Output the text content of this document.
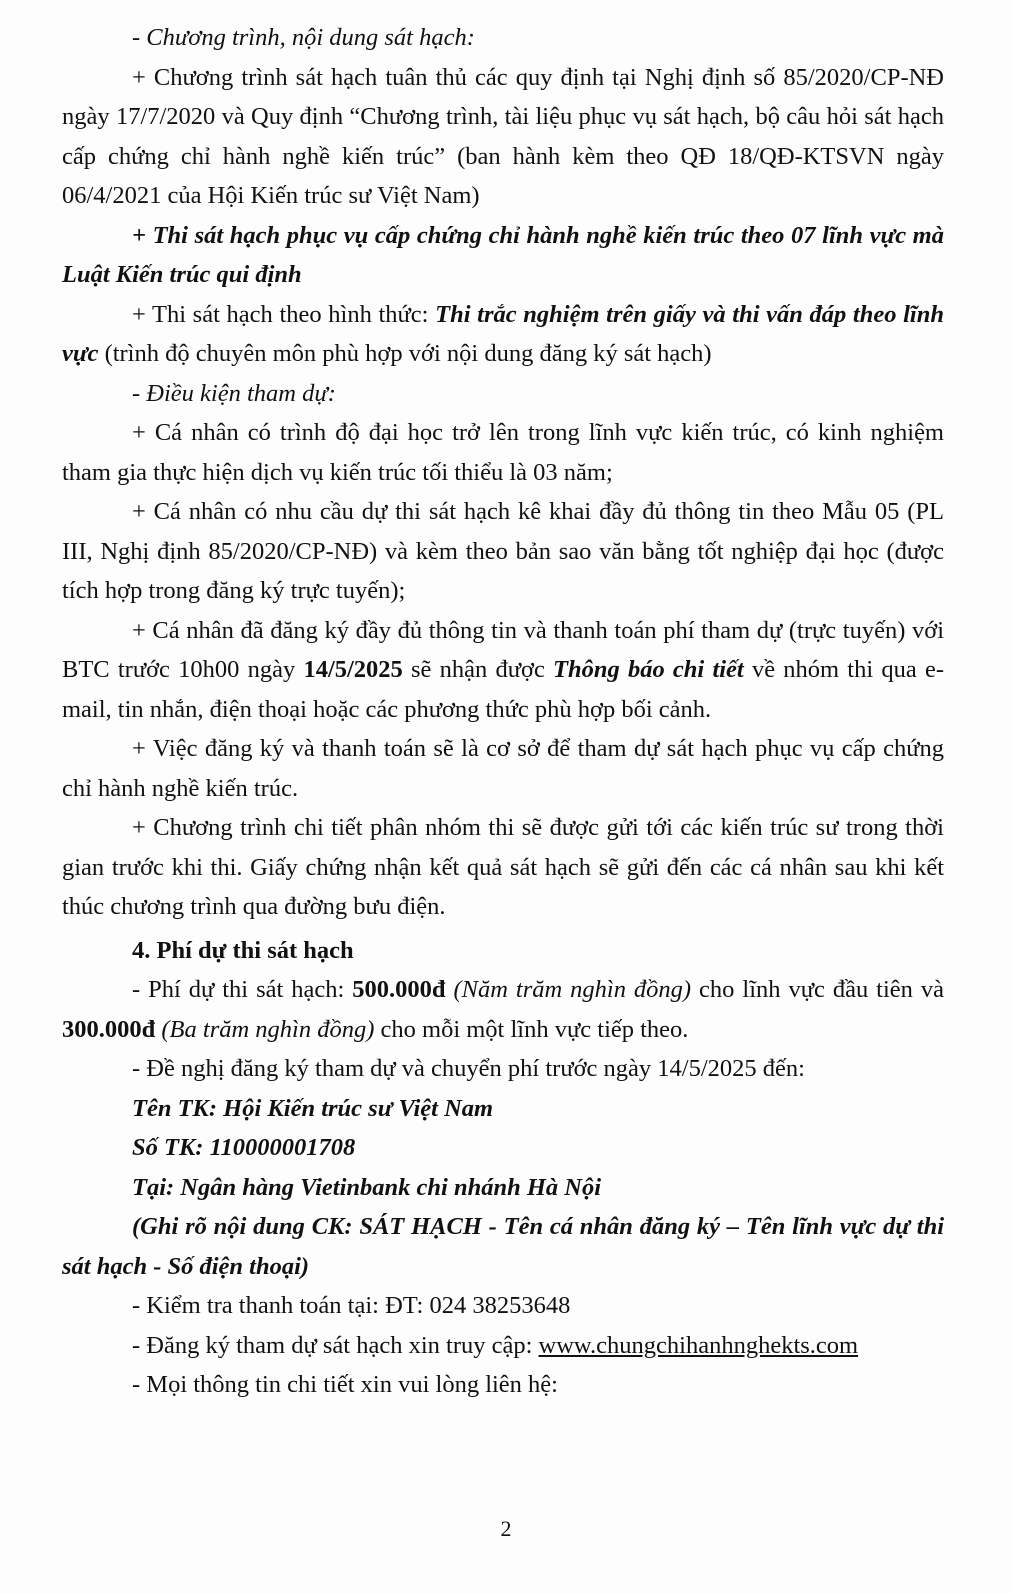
- Chương trình, nội dung sát hạch:

+ Chương trình sát hạch tuân thủ các quy định tại Nghị định số 85/2020/CP-NĐ ngày 17/7/2020 và Quy định “Chương trình, tài liệu phục vụ sát hạch, bộ câu hỏi sát hạch cấp chứng chỉ hành nghề kiến trúc” (ban hành kèm theo QĐ 18/QĐ-KTSVN ngày 06/4/2021 của Hội Kiến trúc sư Việt Nam)

+ Thi sát hạch phục vụ cấp chứng chỉ hành nghề kiến trúc theo 07 lĩnh vực mà Luật Kiến trúc qui định

+ Thi sát hạch theo hình thức: Thi trắc nghiệm trên giấy và thi vấn đáp theo lĩnh vực (trình độ chuyên môn phù hợp với nội dung đăng ký sát hạch)

- Điều kiện tham dự:

+ Cá nhân có trình độ đại học trở lên trong lĩnh vực kiến trúc, có kinh nghiệm tham gia thực hiện dịch vụ kiến trúc tối thiểu là 03 năm;

+ Cá nhân có nhu cầu dự thi sát hạch kê khai đầy đủ thông tin theo Mẫu 05 (PL III, Nghị định 85/2020/CP-NĐ) và kèm theo bản sao văn bằng tốt nghiệp đại học (được tích hợp trong đăng ký trực tuyến);

+ Cá nhân đã đăng ký đầy đủ thông tin và thanh toán phí tham dự (trực tuyến) với BTC trước 10h00 ngày 14/5/2025 sẽ nhận được Thông báo chi tiết về nhóm thi qua e-mail, tin nhắn, điện thoại hoặc các phương thức phù hợp bối cảnh.

+ Việc đăng ký và thanh toán sẽ là cơ sở để tham dự sát hạch phục vụ cấp chứng chỉ hành nghề kiến trúc.

+ Chương trình chi tiết phân nhóm thi sẽ được gửi tới các kiến trúc sư trong thời gian trước khi thi. Giấy chứng nhận kết quả sát hạch sẽ gửi đến các cá nhân sau khi kết thúc chương trình qua đường bưu điện.

4. Phí dự thi sát hạch

- Phí dự thi sát hạch: 500.000đ (Năm trăm nghìn đồng) cho lĩnh vực đầu tiên và 300.000đ (Ba trăm nghìn đồng) cho mỗi một lĩnh vực tiếp theo.

- Đề nghị đăng ký tham dự và chuyển phí trước ngày 14/5/2025 đến:

Tên TK: Hội Kiến trúc sư Việt Nam

Số TK: 110000001708

Tại: Ngân hàng Vietinbank chi nhánh Hà Nội

(Ghi rõ nội dung CK: SÁT HẠCH - Tên cá nhân đăng ký – Tên lĩnh vực dự thi sát hạch - Số điện thoại)

- Kiểm tra thanh toán tại: ĐT: 024 38253648

- Đăng ký tham dự sát hạch xin truy cập: www.chungchihanhnghekts.com

- Mọi thông tin chi tiết xin vui lòng liên hệ:

2
